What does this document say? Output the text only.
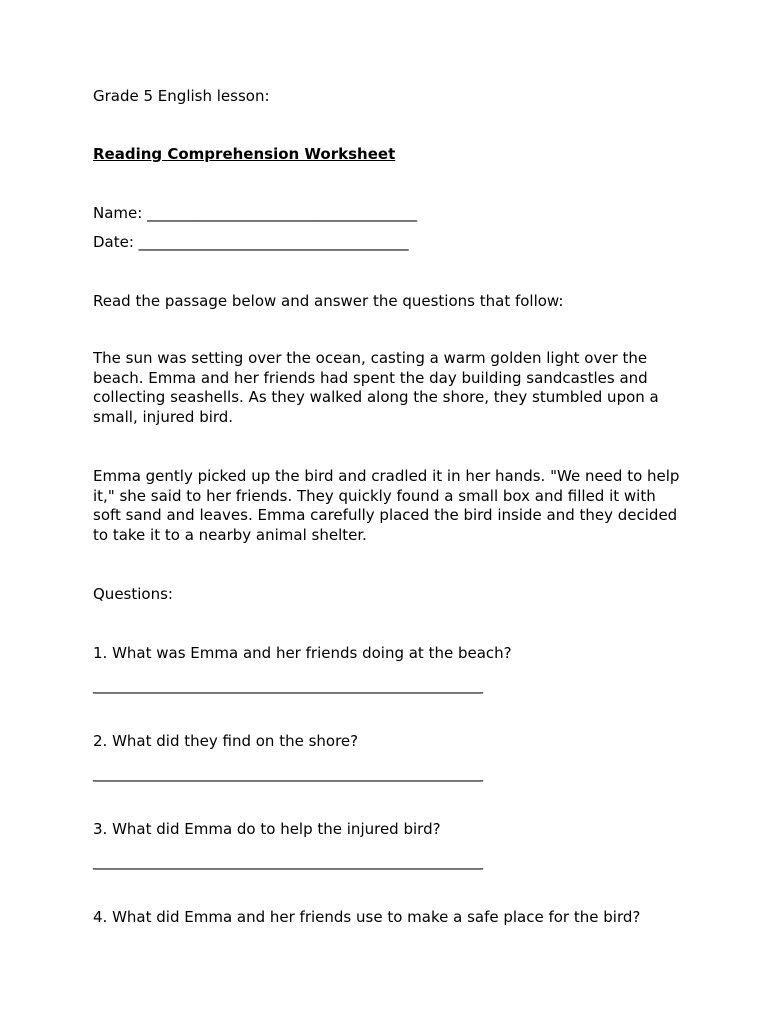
Grade 5 English lesson:
Reading Comprehension Worksheet
Name: ____________________________________
Date: ____________________________________
Read the passage below and answer the questions that follow:
The sun was setting over the ocean, casting a warm golden light over the beach. Emma and her friends had spent the day building sandcastles and collecting seashells. As they walked along the shore, they stumbled upon a small, injured bird.
Emma gently picked up the bird and cradled it in her hands. "We need to help it," she said to her friends. They quickly found a small box and filled it with soft sand and leaves. Emma carefully placed the bird inside and they decided to take it to a nearby animal shelter.
Questions:
1. What was Emma and her friends doing at the beach?
____________________________________________________
2. What did they find on the shore?
____________________________________________________
3. What did Emma do to help the injured bird?
____________________________________________________
4. What did Emma and her friends use to make a safe place for the bird?
